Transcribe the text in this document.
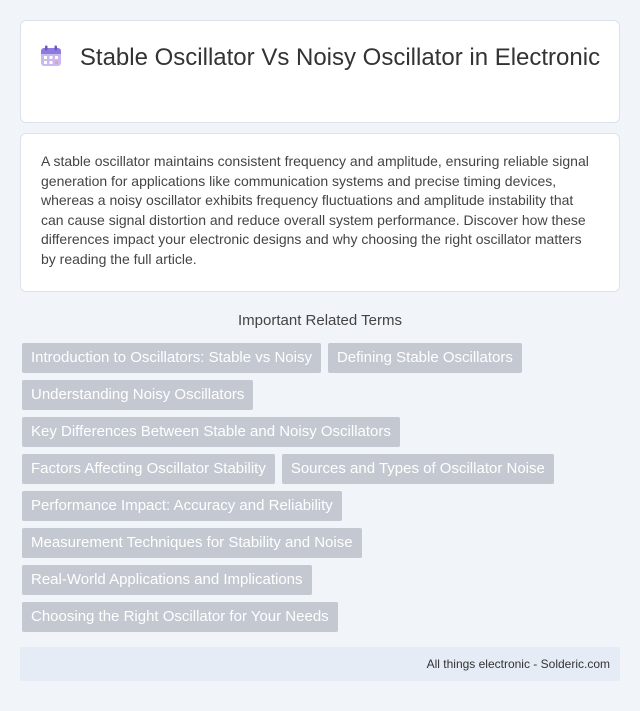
Stable Oscillator Vs Noisy Oscillator in Electronic
A stable oscillator maintains consistent frequency and amplitude, ensuring reliable signal generation for applications like communication systems and precise timing devices, whereas a noisy oscillator exhibits frequency fluctuations and amplitude instability that can cause signal distortion and reduce overall system performance. Discover how these differences impact your electronic designs and why choosing the right oscillator matters by reading the full article.
Important Related Terms
Introduction to Oscillators: Stable vs Noisy	Defining Stable Oscillators
Understanding Noisy Oscillators
Key Differences Between Stable and Noisy Oscillators
Factors Affecting Oscillator Stability	Sources and Types of Oscillator Noise
Performance Impact: Accuracy and Reliability
Measurement Techniques for Stability and Noise
Real-World Applications and Implications
Choosing the Right Oscillator for Your Needs
All things electronic - Solderic.com
